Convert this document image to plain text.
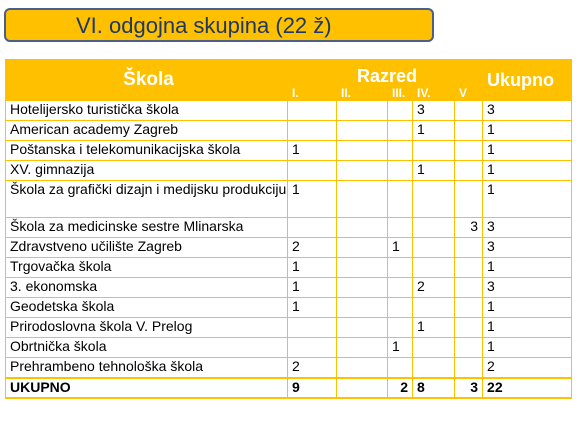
VI. odgojna skupina (22 ž)
Škola	Razred					Ukupno
	I.	II.	III.	IV.	V	
Hotelijersko turistička škola				3		3
American academy Zagreb				1		1
Poštanska i telekomunikacijska škola	1					1
XV. gimnazija				1		1
Škola za grafički dizajn i medijsku produkciju	1					1
Škola za medicinske sestre Mlinarska					3	3
Zdravstveno učilište Zagreb	2		1			3
Trgovačka škola	1					1
3. ekonomska	1			2		3
Geodetska škola	1					1
Prirodoslovna škola V. Prelog				1		1
Obrtnička škola			1			1
Prehrambeno tehnološka škola	2					2
UKUPNO	9		2	8	3	22
